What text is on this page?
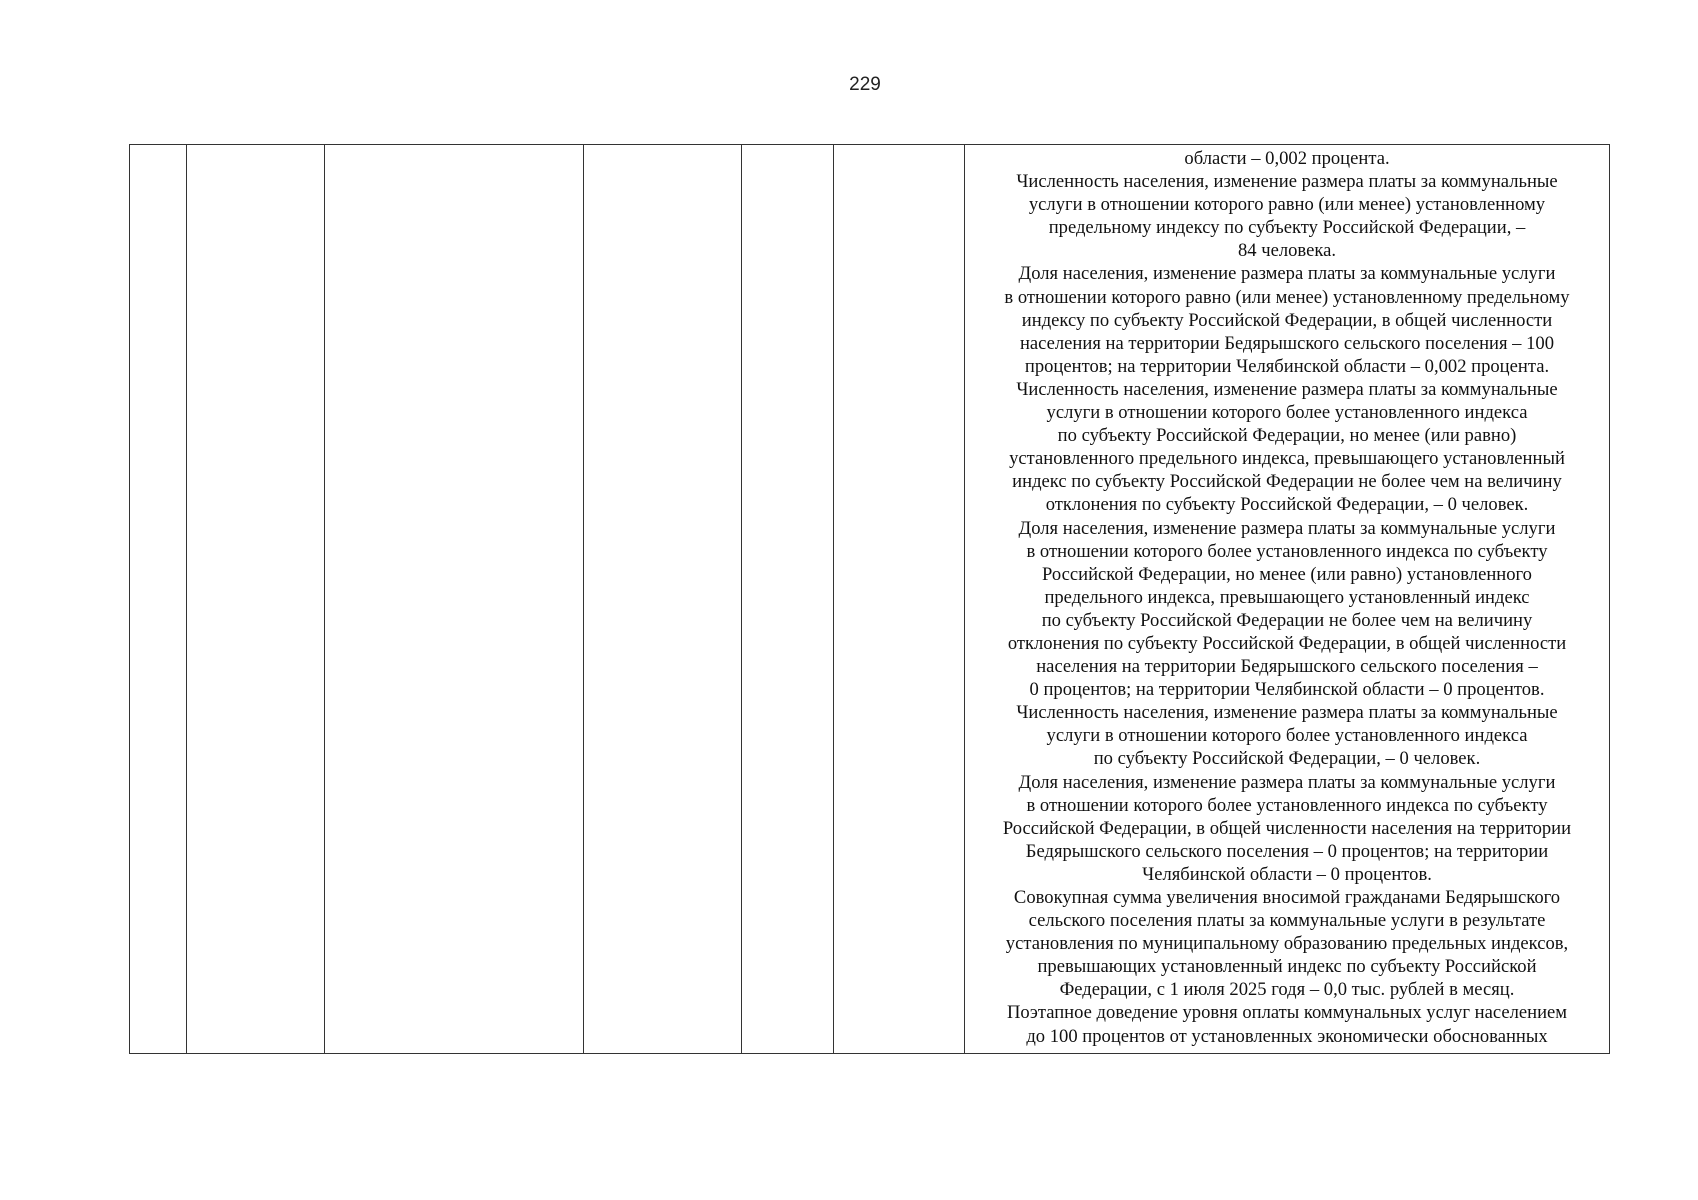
229

области – 0,002 процента.
Численность населения, изменение размера платы за коммунальные
услуги в отношении которого равно (или менее) установленному
предельному индексу по субъекту Российской Федерации, –
84 человека.
Доля населения, изменение размера платы за коммунальные услуги
в отношении которого равно (или менее) установленному предельному
индексу по субъекту Российской Федерации, в общей численности
населения на территории Бедярышского сельского поселения – 100
процентов; на территории Челябинской области – 0,002 процента.
Численность населения, изменение размера платы за коммунальные
услуги в отношении которого более установленного индекса
по субъекту Российской Федерации, но менее (или равно)
установленного предельного индекса, превышающего установленный
индекс по субъекту Российской Федерации не более чем на величину
отклонения по субъекту Российской Федерации, – 0 человек.
Доля населения, изменение размера платы за коммунальные услуги
в отношении которого более установленного индекса по субъекту
Российской Федерации, но менее (или равно) установленного
предельного индекса, превышающего установленный индекс
по субъекту Российской Федерации не более чем на величину
отклонения по субъекту Российской Федерации, в общей численности
населения на территории Бедярышского сельского поселения –
0 процентов; на территории Челябинской области – 0 процентов.
Численность населения, изменение размера платы за коммунальные
услуги в отношении которого более установленного индекса
по субъекту Российской Федерации, – 0 человек.
Доля населения, изменение размера платы за коммунальные услуги
в отношении которого более установленного индекса по субъекту
Российской Федерации, в общей численности населения на территории
Бедярышского сельского поселения – 0 процентов; на территории
Челябинской области – 0 процентов.
Совокупная сумма увеличения вносимой гражданами Бедярышского
сельского поселения платы за коммунальные услуги в результате
установления по муниципальному образованию предельных индексов,
превышающих установленный индекс по субъекту Российской
Федерации, с 1 июля 2025 годя – 0,0 тыс. рублей в месяц.
Поэтапное доведение уровня оплаты коммунальных услуг населением
до 100 процентов от установленных экономически обоснованных
